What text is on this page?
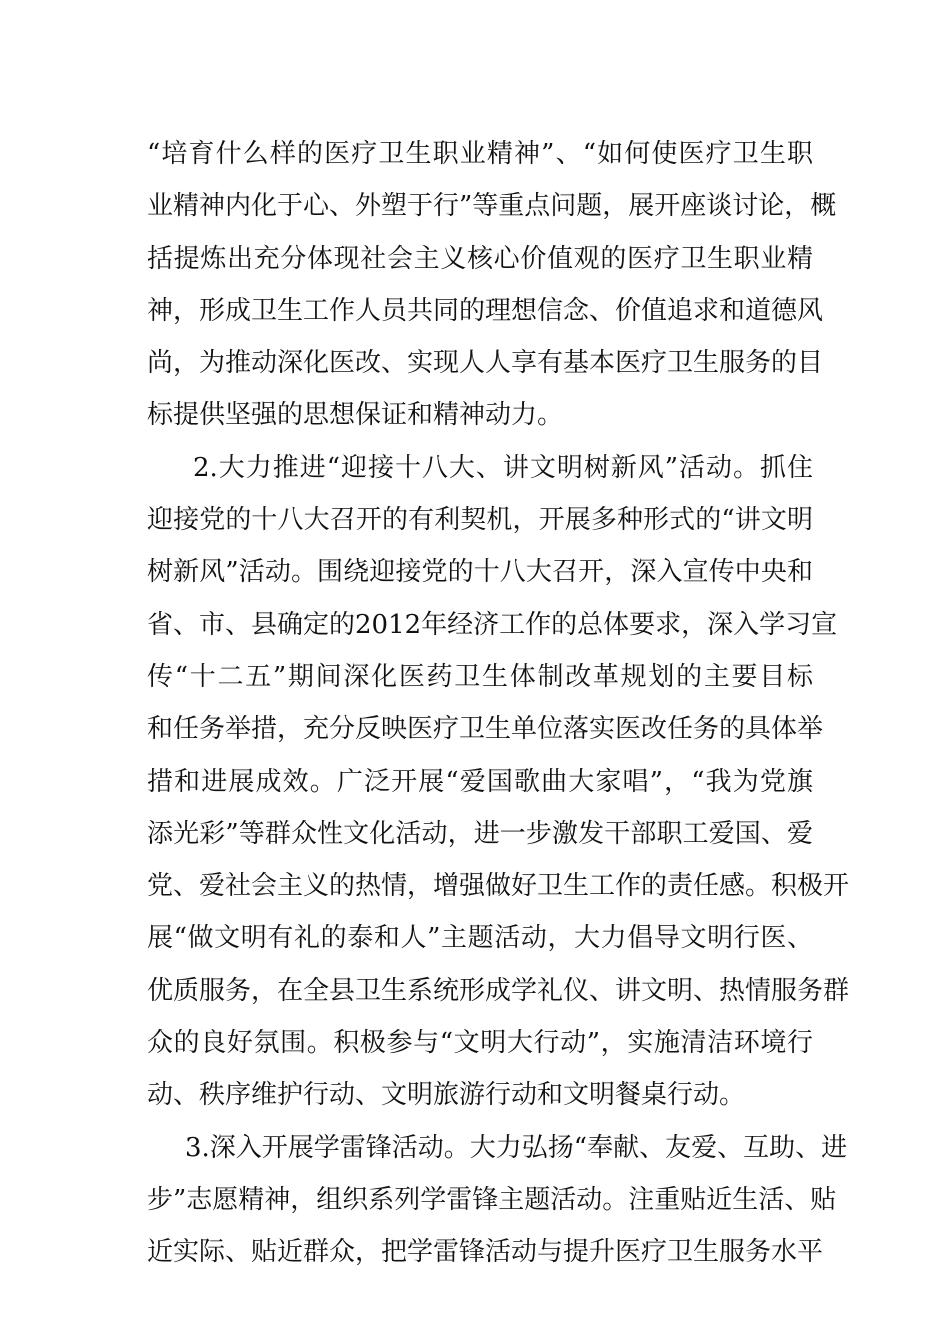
“培育什么样的医疗卫生职业精神”、“如何使医疗卫生职
业精神内化于心、外塑于行”等重点问题，展开座谈讨论，概
括提炼出充分体现社会主义核心价值观的医疗卫生职业精
神，形成卫生工作人员共同的理想信念、价值追求和道德风
尚，为推动深化医改、实现人人享有基本医疗卫生服务的目
标提供坚强的思想保证和精神动力。
2.大力推进“迎接十八大、讲文明树新风”活动。抓住
迎接党的十八大召开的有利契机，开展多种形式的“讲文明
树新风”活动。围绕迎接党的十八大召开，深入宣传中央和
省、市、县确定的2012年经济工作的总体要求，深入学习宣
传“十二五”期间深化医药卫生体制改革规划的主要目标
和任务举措，充分反映医疗卫生单位落实医改任务的具体举
措和进展成效。广泛开展“爱国歌曲大家唱”，“我为党旗
添光彩”等群众性文化活动，进一步激发干部职工爱国、爱
党、爱社会主义的热情，增强做好卫生工作的责任感。积极开
展“做文明有礼的泰和人”主题活动，大力倡导文明行医、
优质服务，在全县卫生系统形成学礼仪、讲文明、热情服务群
众的良好氛围。积极参与“文明大行动”，实施清洁环境行
动、秩序维护行动、文明旅游行动和文明餐桌行动。
3.深入开展学雷锋活动。大力弘扬“奉献、友爱、互助、进
步”志愿精神，组织系列学雷锋主题活动。注重贴近生活、贴
近实际、贴近群众，把学雷锋活动与提升医疗卫生服务水平
